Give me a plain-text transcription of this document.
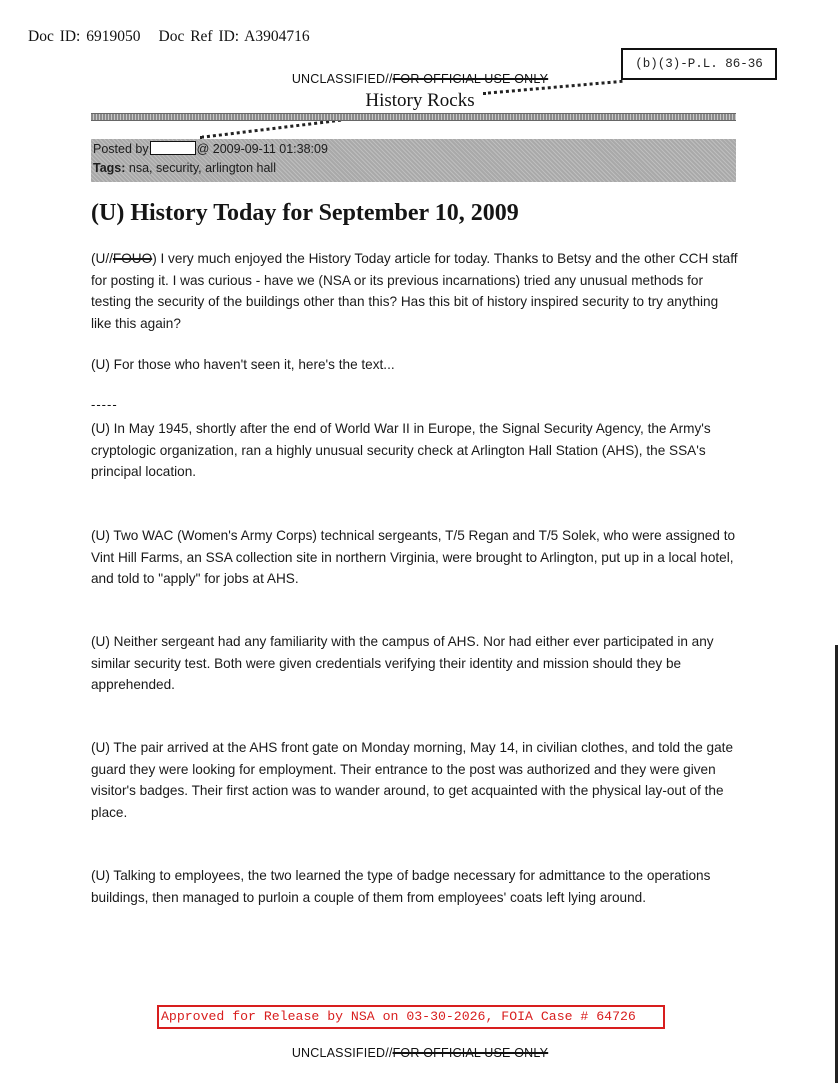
Doc ID: 6919050 Doc Ref ID: A3904716
(b)(3)-P.L. 86-36
UNCLASSIFIED//FOR OFFICIAL USE ONLY
History Rocks
Posted by	@ 2009-09-11 01:38:09
Tags: nsa, security, arlington hall
(U) History Today for September 10, 2009
(U//FOUO) I very much enjoyed the History Today article for today. Thanks to Betsy and the other CCH staff for posting it. I was curious - have we (NSA or its previous incarnations) tried any unusual methods for testing the security of the buildings other than this? Has this bit of history inspired security to try anything like this again?
(U) For those who haven't seen it, here's the text...
-----
(U) In May 1945, shortly after the end of World War II in Europe, the Signal Security Agency, the Army's cryptologic organization, ran a highly unusual security check at Arlington Hall Station (AHS), the SSA's principal location.
(U) Two WAC (Women's Army Corps) technical sergeants, T/5 Regan and T/5 Solek, who were assigned to Vint Hill Farms, an SSA collection site in northern Virginia, were brought to Arlington, put up in a local hotel, and told to "apply" for jobs at AHS.
(U) Neither sergeant had any familiarity with the campus of AHS. Nor had either ever participated in any similar security test. Both were given credentials verifying their identity and mission should they be apprehended.
(U) The pair arrived at the AHS front gate on Monday morning, May 14, in civilian clothes, and told the gate guard they were looking for employment. Their entrance to the post was authorized and they were given visitor's badges. Their first action was to wander around, to get acquainted with the physical lay-out of the place.
(U) Talking to employees, the two learned the type of badge necessary for admittance to the operations buildings, then managed to purloin a couple of them from employees' coats left lying around.
Approved for Release by NSA on 03-30-2026, FOIA Case # 64726
UNCLASSIFIED//FOR OFFICIAL USE ONLY
